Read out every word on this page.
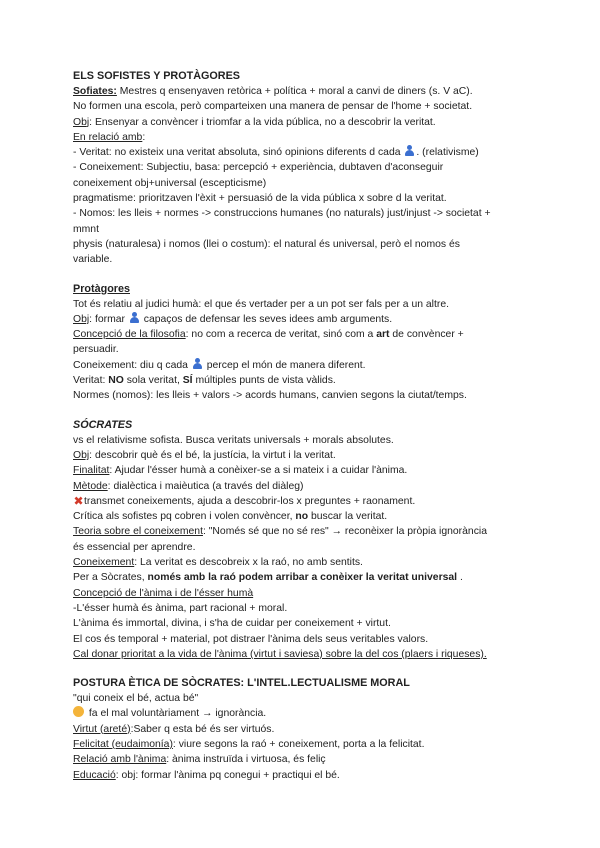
ELS SOFISTES Y PROTÀGORES
Sofiates: Mestres q ensenyaven retòrica + política + moral a canvi de diners (s. V aC).
No formen una escola, però comparteixen una manera de pensar de l'home + societat.
Obj: Ensenyar a convèncer i triomfar a la vida pública, no a descobrir la veritat.
En relació amb:
- Veritat: no existeix una veritat absoluta, sinó opinions diferents d cada . (relativisme)
- Coneixement: Subjectiu, basa: percepció + experiència, dubtaven d'aconseguir
coneixement obj+universal (escepticisme)
pragmatisme: prioritzaven l'èxit + persuasió de la vida pública x sobre d la veritat.
- Nomos: les lleis + normes -> construccions humanes (no naturals) just/injust -> societat +
mmnt
physis (naturalesa) i nomos (llei o costum): el natural és universal, però el nomos és
variable.
Protàgores
Tot és relatiu al judici humà: el que és vertader per a un pot ser fals per a un altre.
Obj: formar  capaços de defensar les seves idees amb arguments.
Concepció de la filosofia: no com a recerca de veritat, sinó com a art de convèncer +
persuadir.
Coneixement: diu q cada  percep el món de manera diferent.
Veritat: NO sola veritat, SÍ múltiples punts de vista vàlids.
Normes (nomos): les lleis + valors -> acords humans, canvien segons la ciutat/temps.
SÓCRATES
vs el relativisme sofista. Busca veritats universals + morals absolutes.
Obj: descobrir què és el bé, la justícia, la virtut i la veritat.
Finalitat: Ajudar l'ésser humà a conèixer-se a si mateix i a cuidar l'ànima.
Mètode: dialèctica i maièutica (a través del diàleg)
✖transmet coneixements, ajuda a descobrir-los x preguntes + raonament.
Crítica als sofistes pq cobren i volen convèncer, no buscar la veritat.
Teoria sobre el coneixement: "Només sé que no sé res" → reconèixer la pròpia ignorància
és essencial per aprendre.
Coneixement: La veritat es descobreix x la raó, no amb sentits.
Per a Sòcrates, només amb la raó podem arribar a conèixer la veritat universal .
Concepció de l'ànima i de l'ésser humà
-L'ésser humà és ànima, part racional + moral.
L'ànima és immortal, divina, i s'ha de cuidar per coneixement + virtut.
El cos és temporal + material, pot distraer l'ànima dels seus veritables valors.
Cal donar prioritat a la vida de l'ànima (virtut i saviesa) sobre la del cos (plaers i riqueses).
POSTURA ÈTICA DE SÒCRATES: L'INTEL.LECTUALISME MORAL
"qui coneix el bé, actua bé"
fa el mal voluntàriament → ignorància.
Virtut (areté):Saber q esta bé és ser virtuós.
Felicitat (eudaimonía): viure segons la raó + coneixement, porta a la felicitat.
Relació amb l'ànima: ànima instruïda i virtuosa, és feliç
Educació: obj: formar l'ànima pq conegui + practiqui el bé.
